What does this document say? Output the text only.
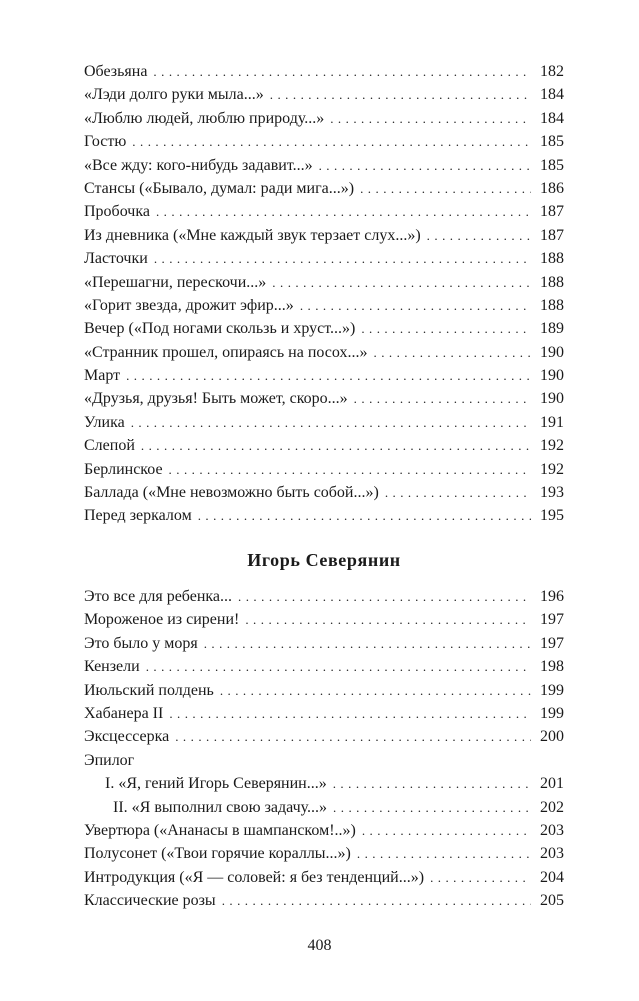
Обезьяна . . .	182
«Лэди долго руки мыла...» . . .	184
«Люблю людей, люблю природу...» . . .	184
Гостю . . .	185
«Все жду: кого-нибудь задавит...» . . .	185
Стансы («Бывало, думал: ради мига...») . . .	186
Пробочка . . .	187
Из дневника («Мне каждый звук терзает слух...») . . .	187
Ласточки . . .	188
«Перешагни, перескочи...» . . .	188
«Горит звезда, дрожит эфир...» . . .	188
Вечер («Под ногами скользь и хруст...») . . .	189
«Странник прошел, опираясь на посох...» . . .	190
Март . . .	190
«Друзья, друзья! Быть может, скоро...» . . .	190
Улика . . .	191
Слепой . . .	192
Берлинское . . .	192
Баллада («Мне невозможно быть собой...») . . .	193
Перед зеркалом . . .	195
Игорь Северянин
Это все для ребенка... . . .	196
Мороженое из сирени! . . .	197
Это было у моря . . .	197
Кензели . . .	198
Июльский полдень . . .	199
Хабанера II . . .	199
Эксцессерка . . .	200
Эпилог
I. «Я, гений Игорь Северянин...» . . .	201
II. «Я выполнил свою задачу...» . . .	202
Увертюра («Ананасы в шампанском!..») . . .	203
Полусонет («Твои горячие кораллы...») . . .	203
Интродукция («Я — соловей: я без тенденций...») . . .	204
Классические розы . . .	205
408
